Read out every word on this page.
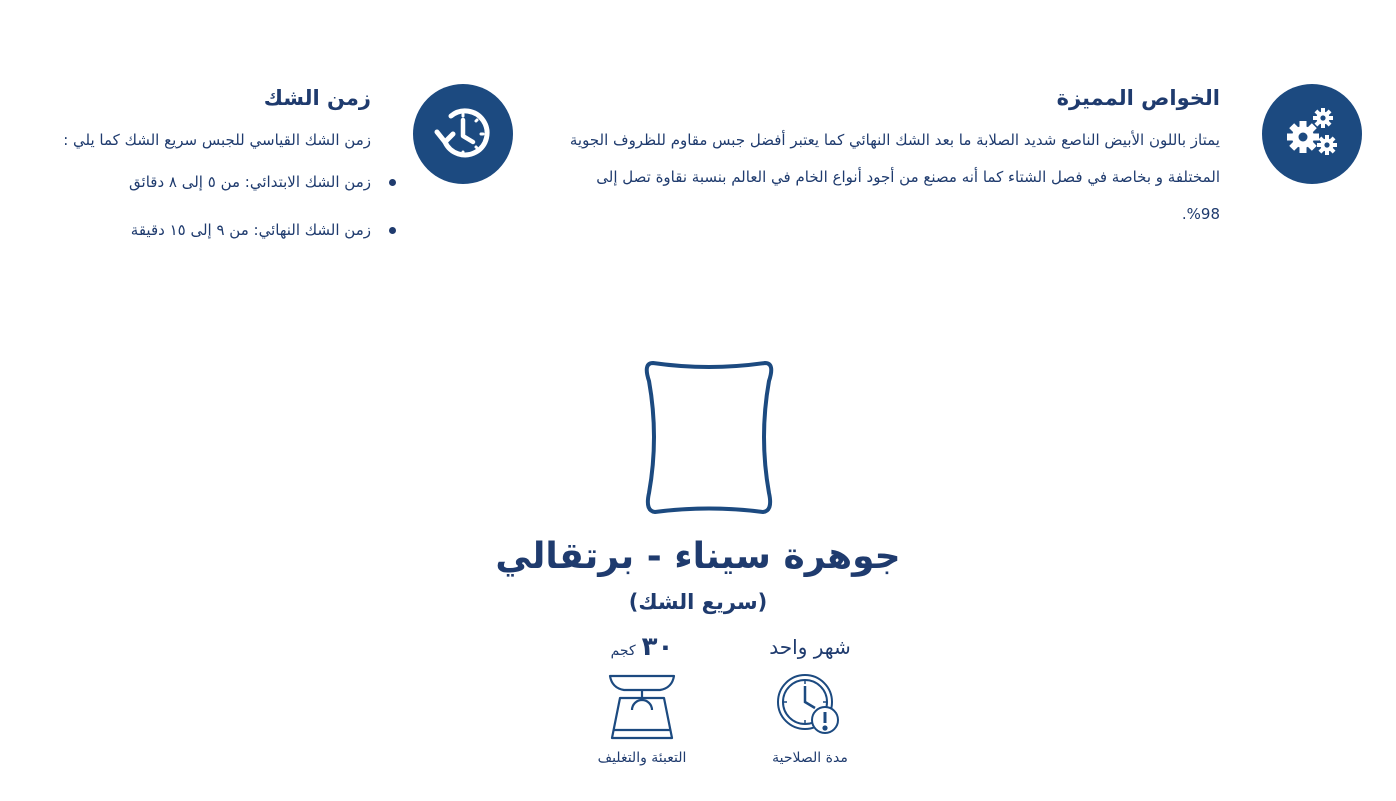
الخواص المميزة

يمتاز باللون الأبيض الناصع شديد الصلابة ما بعد الشك النهائي كما يعتبر أفضل جبس مقاوم للظروف الجوية المختلفة و بخاصة في فصل الشتاء كما أنه مصنع من أجود أنواع الخام في العالم بنسبة نقاوة تصل إلى 98%.

زمن الشك

زمن الشك القياسي للجبس سريع الشك كما يلي :

زمن الشك الابتدائي: من ٥ إلى ٨ دقائق
زمن الشك النهائي: من ٩ إلى ١٥ دقيقة
جوهرة سيناء - برتقالي
(سريع الشك)
شهر واحد
مدة الصلاحية
٣٠
كجم
التعبئة والتغليف
